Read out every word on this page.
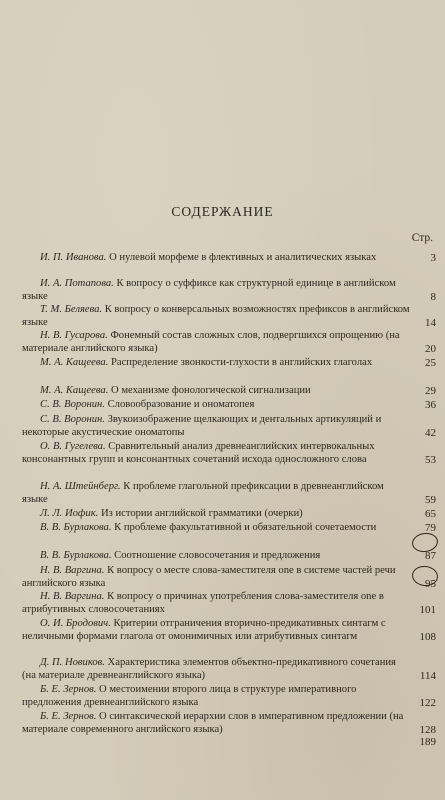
СОДЕРЖАНИЕ
Стр.
И. П. Иванова. О нулевой морфеме в флективных и аналитических языках	3
И. А. Потапова. К вопросу о суффиксе как структурной единице в английском языке	8
Т. М. Беляева. К вопросу о конверсальных возможностях префиксов в английском языке	14
Н. В. Гусарова. Фонемный состав сложных слов, подвергшихся опрощению (на материале английского языка)	20
М. А. Кащеева. Распределение звонкости-глухости в английских глаголах	25
М. А. Кащеева. О механизме фонологической сигнализации	29
С. В. Воронин. Словообразование и ономатопея	36
С. В. Воронин. Звукоизображение щелкающих и дентальных артикуляций и некоторые акустические ономатопы	42
О. В. Гугелева. Сравнительный анализ древнеанглийских интервокальных консонантных групп и консонантных сочетаний исхода односложного слова	53
Н. А. Штейнберг. К проблеме глагольной префиксации в древнеанглийском языке	59
Л. Л. Иофик. Из истории английской грамматики (очерки)	65
В. В. Бурлакова. К проблеме факультативной и обязательной сочетаемости	79
В. В. Бурлакова. Соотношение словосочетания и предложения	87
Н. В. Варгина. К вопросу о месте слова-заместителя one в системе частей речи английского языка	95
Н. В. Варгина. К вопросу о причинах употребления слова-заместителя one в атрибутивных словосочетаниях	101
О. И. Бродович. Критерии отграничения вторично-предикативных синтагм с неличными формами глагола от омонимичных или атрибутивных синтагм	108
Д. П. Новиков. Характеристика элементов объектно-предикативного сочетания (на материале древнеанглийского языка)	114
Б. Е. Зернов. О местоимении второго лица в структуре императивного предложения древнеанглийского языка	122
Б. Е. Зернов. О синтаксической иерархии слов в императивном предложении (на материале современного английского языка)	128
189
